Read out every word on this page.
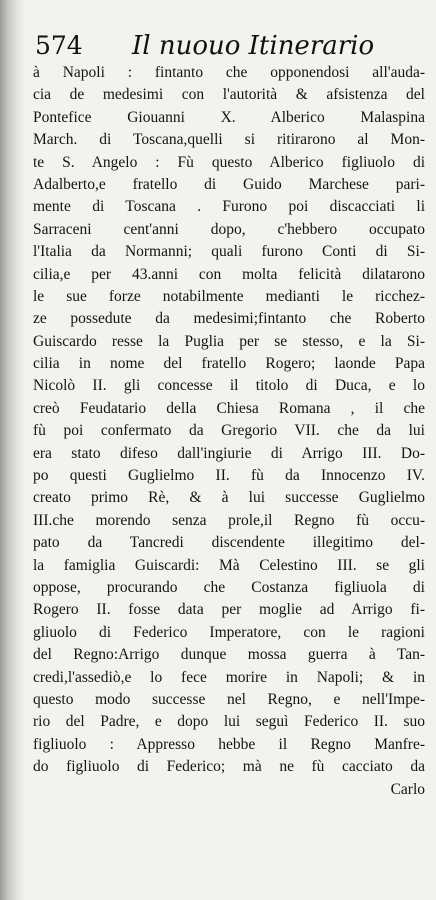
574 Il nuouo Itinerario
à Napoli : fintanto che opponendosi all'auda-
cia de medesimi con l'autorità & afsistenza del
Pontefice Giouanni X. Alberico Malaspina
March. di Toscana,quelli si ritirarono al Mon-
te S. Angelo : Fù questo Alberico figliuolo di
Adalberto,e fratello di Guido Marchese pari-
mente di Toscana . Furono poi discacciati li
Sarraceni cent'anni dopo, c'hebbero occupato
l'Italia da Normanni; quali furono Conti di Si-
cilia,e per 43.anni con molta felicità dilatarono
le sue forze notabilmente medianti le ricchez-
ze possedute da medesimi;fintanto che Roberto
Guiscardo resse la Puglia per se stesso, e la Si-
cilia in nome del fratello Rogero; laonde Papa
Nicolò II. gli concesse il titolo di Duca, e lo
creò Feudatario della Chiesa Romana , il che
fù poi confermato da Gregorio VII. che da lui
era stato difeso dall'ingiurie di Arrigo III. Do-
po questi Guglielmo II. fù da Innocenzo IV.
creato primo Rè, & à lui successe Guglielmo
III.che morendo senza prole,il Regno fù occu-
pato da Tancredi discendente illegitimo del-
la famiglia Guiscardi: Mà Celestino III. se gli
oppose, procurando che Costanza figliuola di
Rogero II. fosse data per moglie ad Arrigo fi-
gliuolo di Federico Imperatore, con le ragioni
del Regno:Arrigo dunque mossa guerra à Tan-
credi,l'assediò,e lo fece morire in Napoli; & in
questo modo successe nel Regno, e nell'Impe-
rio del Padre, e dopo lui seguì Federico II. suo
figliuolo : Appresso hebbe il Regno Manfre-
do figliuolo di Federico; mà ne fù cacciato da
Carlo
